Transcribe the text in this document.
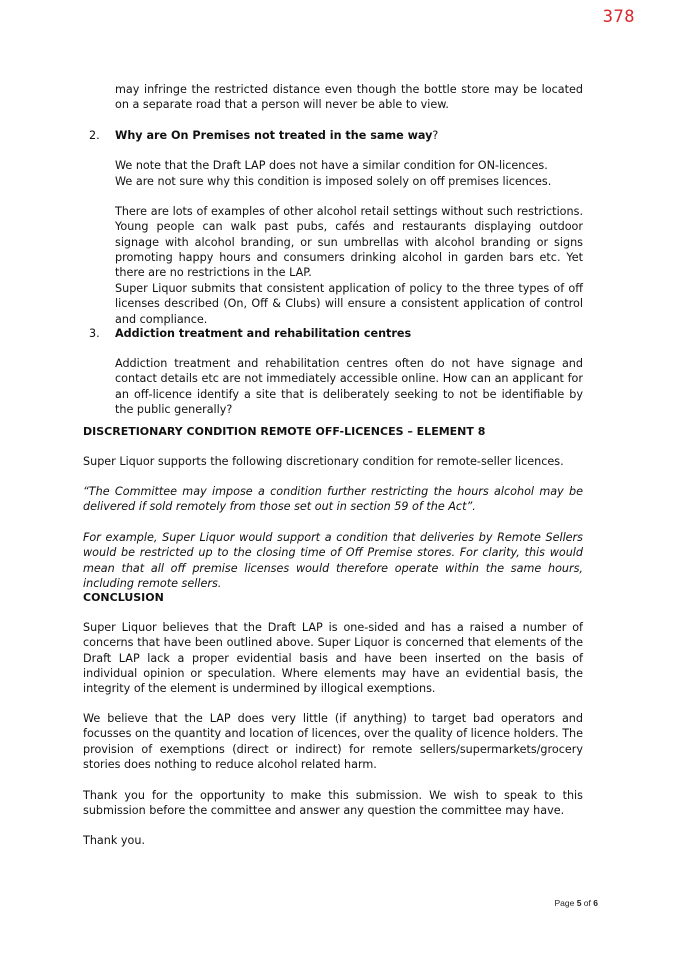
378

may infringe the restricted distance even though the bottle store may be located on a separate road that a person will never be able to view.

2. Why are On Premises not treated in the same way?

We note that the Draft LAP does not have a similar condition for ON-licences.

We are not sure why this condition is imposed solely on off premises licences.

There are lots of examples of other alcohol retail settings without such restrictions. Young people can walk past pubs, cafés and restaurants displaying outdoor signage with alcohol branding, or sun umbrellas with alcohol branding or signs promoting happy hours and consumers drinking alcohol in garden bars etc. Yet there are no restrictions in the LAP.

Super Liquor submits that consistent application of policy to the three types of off licenses described (On, Off & Clubs) will ensure a consistent application of control and compliance.

3. Addiction treatment and rehabilitation centres

Addiction treatment and rehabilitation centres often do not have signage and contact details etc are not immediately accessible online. How can an applicant for an off-licence identify a site that is deliberately seeking to not be identifiable by the public generally?

DISCRETIONARY CONDITION REMOTE OFF-LICENCES – ELEMENT 8

Super Liquor supports the following discretionary condition for remote-seller licences.

“The Committee may impose a condition further restricting the hours alcohol may be delivered if sold remotely from those set out in section 59 of the Act”.

For example, Super Liquor would support a condition that deliveries by Remote Sellers would be restricted up to the closing time of Off Premise stores. For clarity, this would mean that all off premise licenses would therefore operate within the same hours, including remote sellers.

CONCLUSION

Super Liquor believes that the Draft LAP is one-sided and has a raised a number of concerns that have been outlined above. Super Liquor is concerned that elements of the Draft LAP lack a proper evidential basis and have been inserted on the basis of individual opinion or speculation. Where elements may have an evidential basis, the integrity of the element is undermined by illogical exemptions.

We believe that the LAP does very little (if anything) to target bad operators and focusses on the quantity and location of licences, over the quality of licence holders. The provision of exemptions (direct or indirect) for remote sellers/supermarkets/grocery stories does nothing to reduce alcohol related harm.

Thank you for the opportunity to make this submission. We wish to speak to this submission before the committee and answer any question the committee may have.

Thank you.

Page 5 of 6
